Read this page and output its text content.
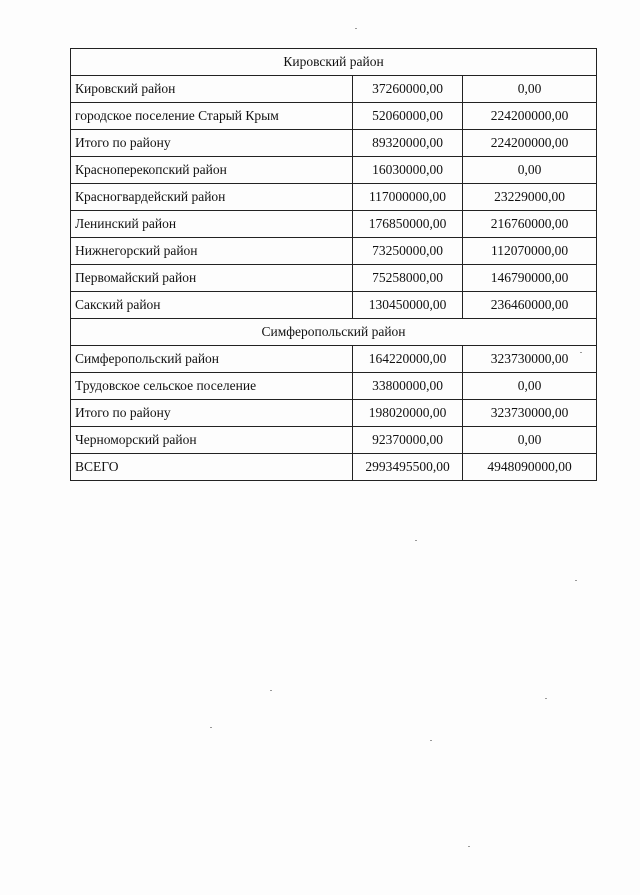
Кировский район		
Кировский район	37260000,00	0,00
городское поселение Старый Крым	52060000,00	224200000,00
Итого по району	89320000,00	224200000,00
Красноперекопский район	16030000,00	0,00
Красногвардейский район	117000000,00	23229000,00
Ленинский район	176850000,00	216760000,00
Нижнегорский район	73250000,00	112070000,00
Первомайский район	75258000,00	146790000,00
Сакский район	130450000,00	236460000,00
Симферопольский район		
Симферопольский район	164220000,00	323730000,00
Трудовское сельское поселение	33800000,00	0,00
Итого по району	198020000,00	323730000,00
Черноморский район	92370000,00	0,00
ВСЕГО	2993495500,00	4948090000,00
